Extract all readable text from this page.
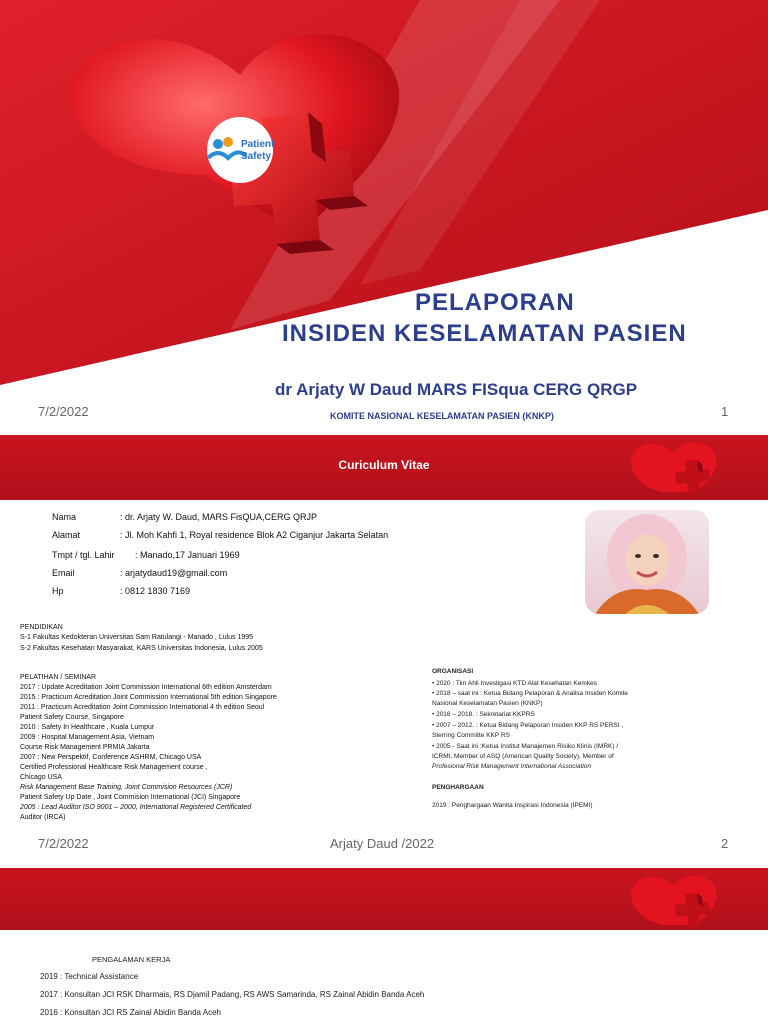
Patient
Safety
PELAPORAN
INSIDEN KESELAMATAN PASIEN
dr Arjaty W Daud MARS FISqua CERG QRGP
KOMITE NASIONAL KESELAMATAN PASIEN (KNKP)
7/2/2022	1
Curiculum Vitae
Nama	: dr. Arjaty W. Daud, MARS FisQUA,CERG QRJP
Alamat	: Jl. Moh Kahfi 1, Royal residence Blok A2 Ciganjur Jakarta Selatan
Tmpt / tgl. Lahir : Manado,17 Januari 1969
Email	: arjatydaud19@gmail.com
Hp	: 0812 1830 7169
PENDIDIKAN
S-1 Fakultas Kedokteran Universitas Sam Ratulangi - Manado , Lulus 1995
S-2 Fakultas Kesehatan Masyarakat, KARS Universitas Indonesia, Lulus 2005
PELATIHAN / SEMINAR
2017 : Update Acreditation Joint Commission International 6th edition Amsterdam
2015 : Practicum Acreditation Joint Commission International 5th edition Singapore
2011 : Practicum Acreditation Joint Commission International 4 th edition Seoul
Patient Safety Course, Singapore
2010 : Safety In Healthcare , Kuala Lumpur
2009 : Hospital Management Asia, Vietnam
Course Risk Management PRMIA Jakarta
2007 : New Perspektif, Conference ASHRM, Chicago USA
Certified Professional Healthcare Risk Management course ,
Chicago USA
Risk Management Base Training, Joint Commision Resources (JCR)
Patient Safety Up Date , Joint Commision International (JCI) Singapore
2005 : Lead Auditor ISO 9001 – 2000, International Registered Certificated
Auditor (IRCA)
ORGANISASI
• 2020 : Tim Ahli Investigasi KTD Alat Kesehatan Kemkes
• 2018 – saat ini : Ketua Bidang Pelaporan & Analisa Insiden Komite
Nasional Keselamatan Pasien (KNKP)
• 2016 – 2018. : Sekretariat KKPRS
• 2007 – 2012. : Ketua Bidang Pelaporan Insiden KKP RS PERSI ,
Sterring Committe KKP RS
• 2005 - Saat ini :Ketua Institut Manajemen Risiko Klinis (IMRK) /
ICRMI, Member of ASQ (American Quality Society), Member of
Profesional Risk Management International Association
PENGHARGAAN
2019 : Penghargaan Wanita Inspirasi Indonesia (IPEMI)
7/2/2022	Arjaty Daud /2022	2
PENGALAMAN KERJA
2019 : Technical Assistance
2017 : Konsultan JCI RSK Dharmais, RS Djamil Padang, RS AWS Samarinda, RS Zainal Abidin Banda Aceh
2016 : Konsultan JCI RS Zainal Abidin Banda Aceh
